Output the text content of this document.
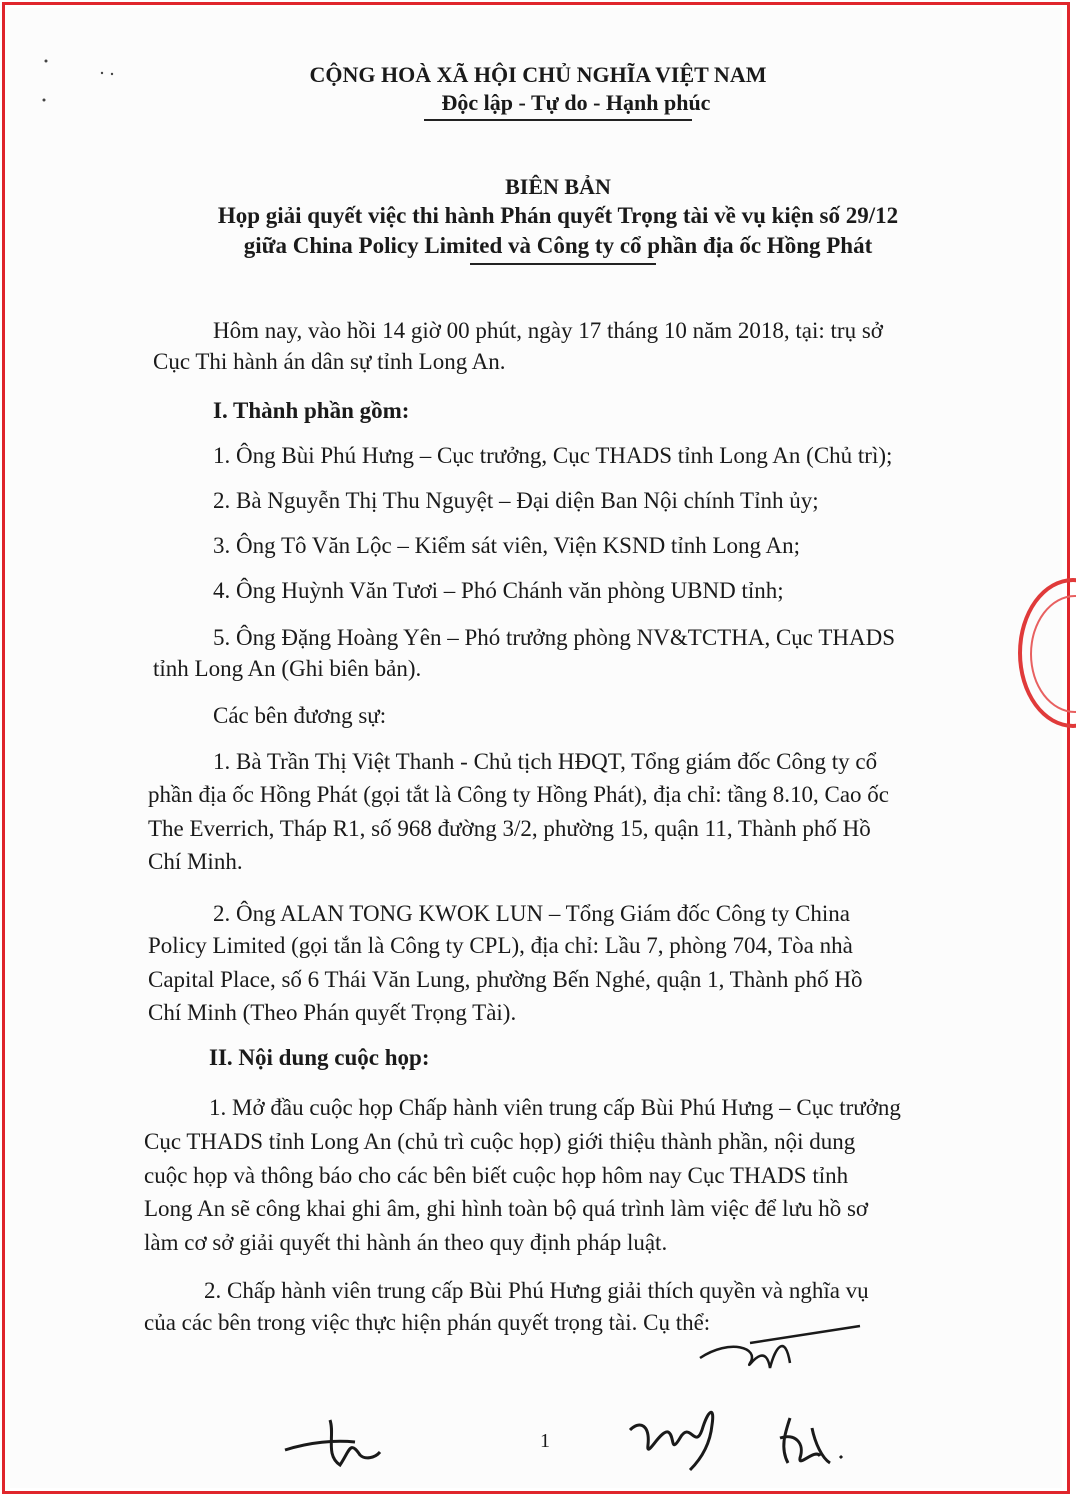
CỘNG HOÀ XÃ HỘI CHỦ NGHĨA VIỆT NAM
Độc lập - Tự do - Hạnh phúc
BIÊN BẢN
Họp giải quyết việc thi hành Phán quyết Trọng tài về vụ kiện số 29/12
giữa China Policy Limited và Công ty cổ phần địa ốc Hồng Phát
Hôm nay, vào hồi 14 giờ 00 phút, ngày 17 tháng 10 năm 2018, tại: trụ sở
Cục Thi hành án dân sự tỉnh Long An.
I. Thành phần gồm:
1. Ông Bùi Phú Hưng – Cục trưởng, Cục THADS tỉnh Long An (Chủ trì);
2. Bà Nguyễn Thị Thu Nguyệt – Đại diện Ban Nội chính Tỉnh ủy;
3. Ông Tô Văn Lộc – Kiểm sát viên, Viện KSND tỉnh Long An;
4. Ông Huỳnh Văn Tươi – Phó Chánh văn phòng UBND tỉnh;
5. Ông Đặng Hoàng Yên – Phó trưởng phòng NV&TCTHA, Cục THADS
tỉnh Long An (Ghi biên bản).
Các bên đương sự:
1. Bà Trần Thị Việt Thanh - Chủ tịch HĐQT, Tổng giám đốc Công ty cổ
phần địa ốc Hồng Phát (gọi tắt là Công ty Hồng Phát), địa chỉ: tầng 8.10, Cao ốc
The Everrich, Tháp R1, số 968 đường 3/2, phường 15, quận 11, Thành phố Hồ
Chí Minh.
2. Ông ALAN TONG KWOK LUN – Tổng Giám đốc Công ty China
Policy Limited (gọi tắn là Công ty CPL), địa chỉ: Lầu 7, phòng 704, Tòa nhà
Capital Place, số 6 Thái Văn Lung, phường Bến Nghé, quận 1, Thành phố Hồ
Chí Minh (Theo Phán quyết Trọng Tài).
II. Nội dung cuộc họp:
1. Mở đầu cuộc họp Chấp hành viên trung cấp Bùi Phú Hưng – Cục trưởng
Cục THADS tỉnh Long An (chủ trì cuộc họp) giới thiệu thành phần, nội dung
cuộc họp và thông báo cho các bên biết cuộc họp hôm nay Cục THADS tỉnh
Long An sẽ công khai ghi âm, ghi hình toàn bộ quá trình làm việc để lưu hồ sơ
làm cơ sở giải quyết thi hành án theo quy định pháp luật.
2. Chấp hành viên trung cấp Bùi Phú Hưng giải thích quyền và nghĩa vụ
của các bên trong việc thực hiện phán quyết trọng tài. Cụ thể:
1
